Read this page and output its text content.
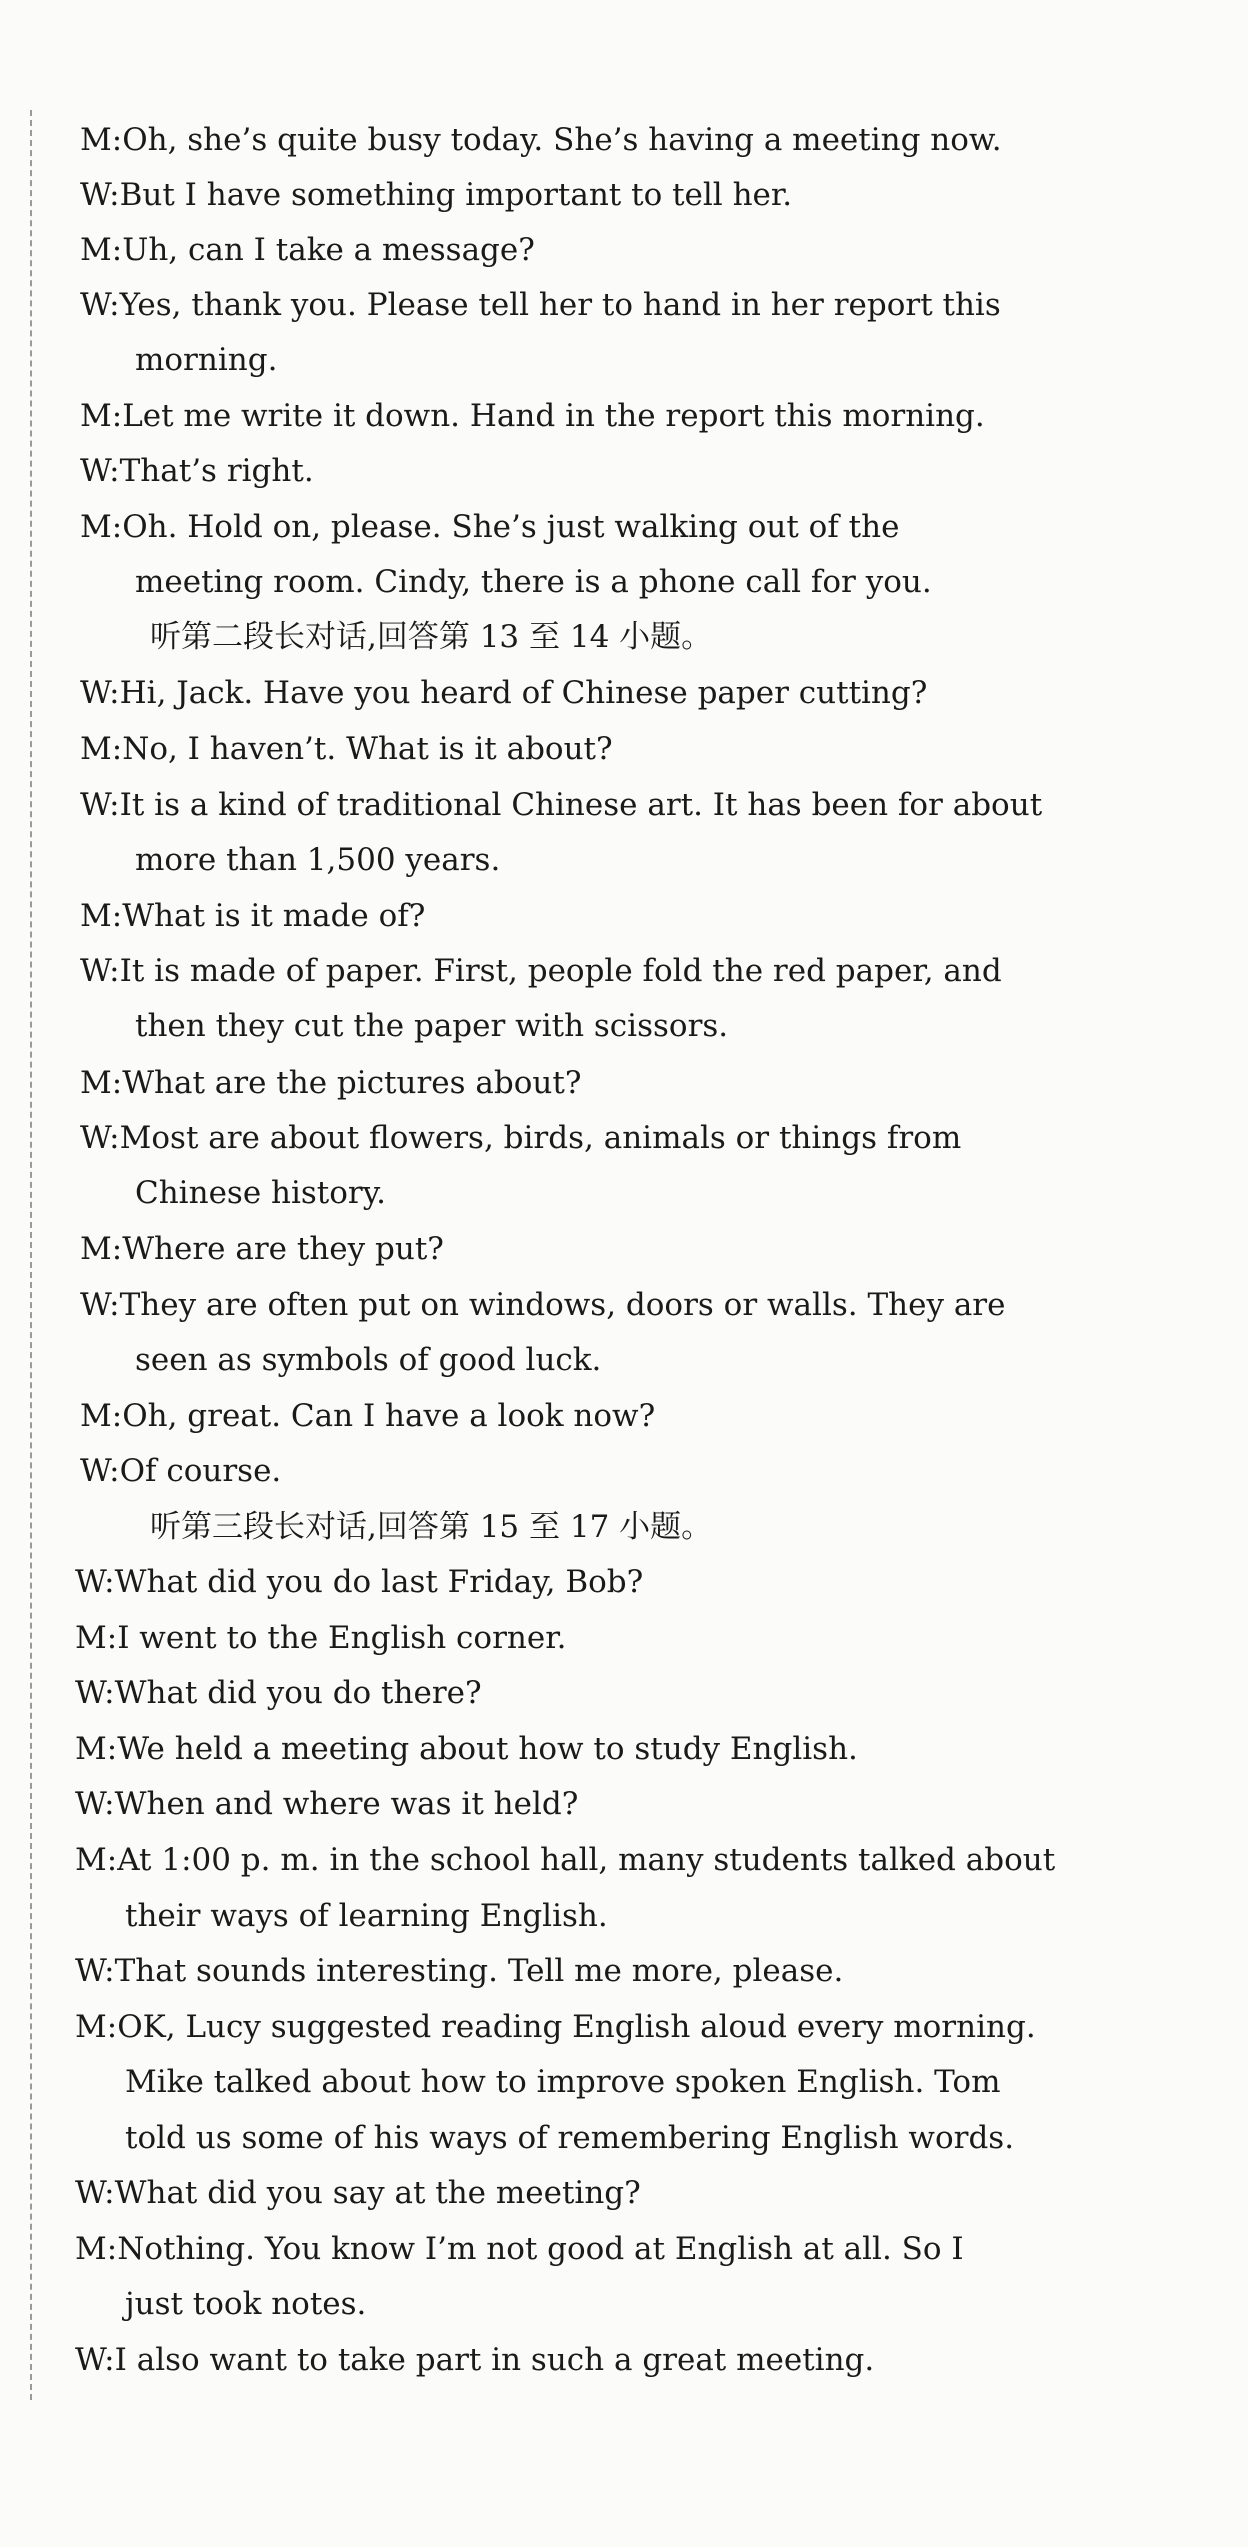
M:Oh, she’s quite busy today. She’s having a meeting now.
W:But I have something important to tell her.
M:Uh, can I take a message?
W:Yes, thank you. Please tell her to hand in her report this
morning.
M:Let me write it down. Hand in the report this morning.
W:That’s right.
M:Oh. Hold on, please. She’s just walking out of the
meeting room. Cindy, there is a phone call for you.
听第二段长对话,回答第 13 至 14 小题。
W:Hi, Jack. Have you heard of Chinese paper cutting?
M:No, I haven’t. What is it about?
W:It is a kind of traditional Chinese art. It has been for about
more than 1,500 years.
M:What is it made of?
W:It is made of paper. First, people fold the red paper, and
then they cut the paper with scissors.
M:What are the pictures about?
W:Most are about flowers, birds, animals or things from
Chinese history.
M:Where are they put?
W:They are often put on windows, doors or walls. They are
seen as symbols of good luck.
M:Oh, great. Can I have a look now?
W:Of course.
听第三段长对话,回答第 15 至 17 小题。
W:What did you do last Friday, Bob?
M:I went to the English corner.
W:What did you do there?
M:We held a meeting about how to study English.
W:When and where was it held?
M:At 1:00 p. m. in the school hall, many students talked about
their ways of learning English.
W:That sounds interesting. Tell me more, please.
M:OK, Lucy suggested reading English aloud every morning.
Mike talked about how to improve spoken English. Tom
told us some of his ways of remembering English words.
W:What did you say at the meeting?
M:Nothing. You know I’m not good at English at all. So I
just took notes.
W:I also want to take part in such a great meeting.
